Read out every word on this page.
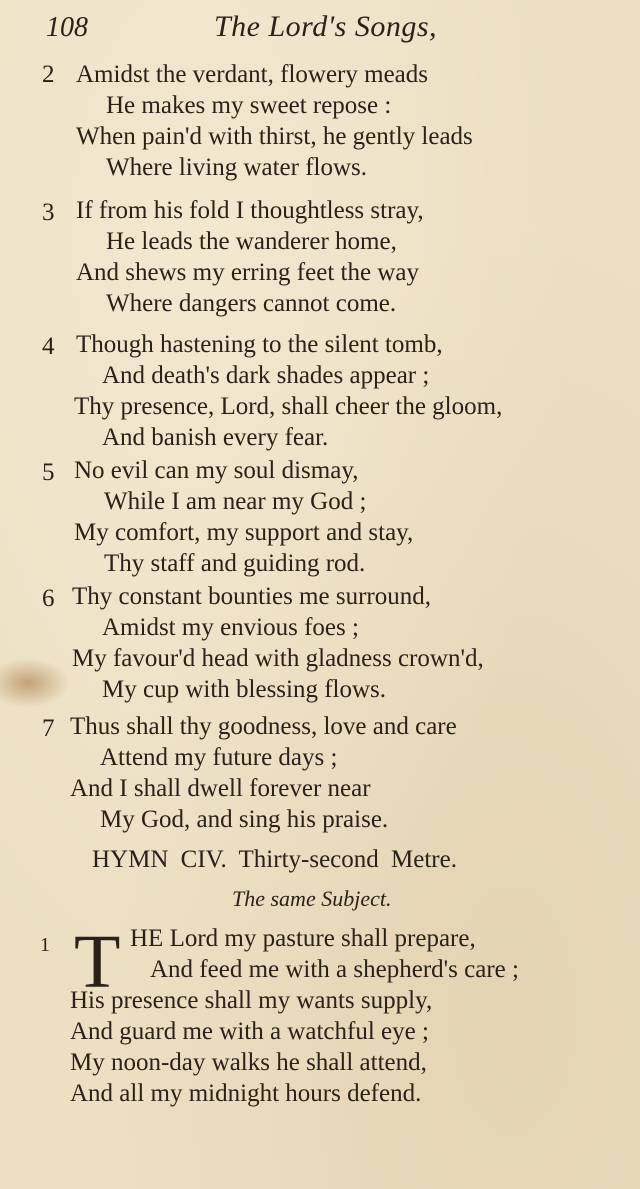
108	The Lord's Songs,
2 Amidst the verdant, flowery meads
He makes my sweet repose :
When pain'd with thirst, he gently leads
Where living water flows.
3 If from his fold I thoughtless stray,
He leads the wanderer home,
And shews my erring feet the way
Where dangers cannot come.
4 Though hastening to the silent tomb,
And death's dark shades appear ;
Thy presence, Lord, shall cheer the gloom,
And banish every fear.
5 No evil can my soul dismay,
While I am near my God ;
My comfort, my support and stay,
Thy staff and guiding rod.
6 Thy constant bounties me surround,
Amidst my envious foes ;
My favour'd head with gladness crown'd,
My cup with blessing flows.
7 Thus shall thy goodness, love and care
Attend my future days ;
And I shall dwell forever near
My God, and sing his praise.
HYMN CIV. Thirty-second Metre.
The same Subject.
1 T HE Lord my pasture shall prepare,
And feed me with a shepherd's care ;
His presence shall my wants supply,
And guard me with a watchful eye ;
My noon-day walks he shall attend,
And all my midnight hours defend.
